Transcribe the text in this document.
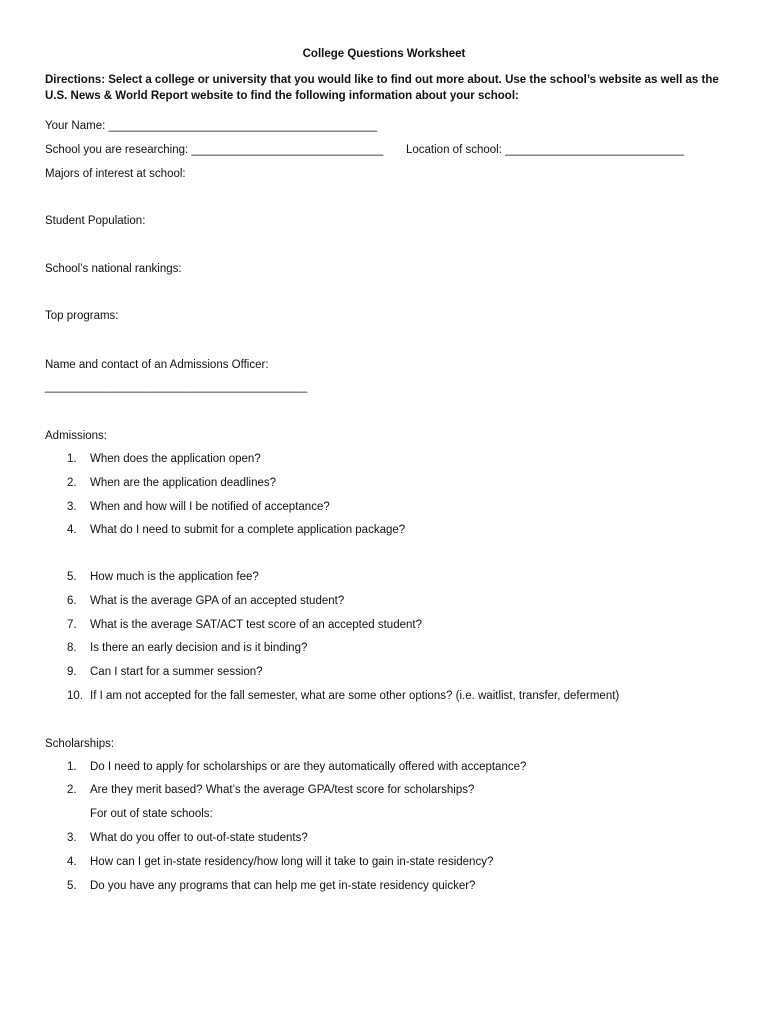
College Questions Worksheet
Directions: Select a college or university that you would like to find out more about. Use the school’s website as well as the U.S. News & World Report website to find the following information about your school:
Your Name: __________________________________________
School you are researching: ______________________________ Location of school: ____________________________
Majors of interest at school:
Student Population:
School’s national rankings:
Top programs:
Name and contact of an Admissions Officer:
_________________________________________
Admissions:
1.	When does the application open?
2.	When are the application deadlines?
3.	When and how will I be notified of acceptance?
4.	What do I need to submit for a complete application package?
5.	How much is the application fee?
6.	What is the average GPA of an accepted student?
7.	What is the average SAT/ACT test score of an accepted student?
8.	Is there an early decision and is it binding?
9.	Can I start for a summer session?
10. If I am not accepted for the fall semester, what are some other options? (i.e. waitlist, transfer, deferment)
Scholarships:
1.	Do I need to apply for scholarships or are they automatically offered with acceptance?
2.	Are they merit based? What’s the average GPA/test score for scholarships?
For out of state schools:
3.	What do you offer to out-of-state students?
4.	How can I get in-state residency/how long will it take to gain in-state residency?
5.	Do you have any programs that can help me get in-state residency quicker?
